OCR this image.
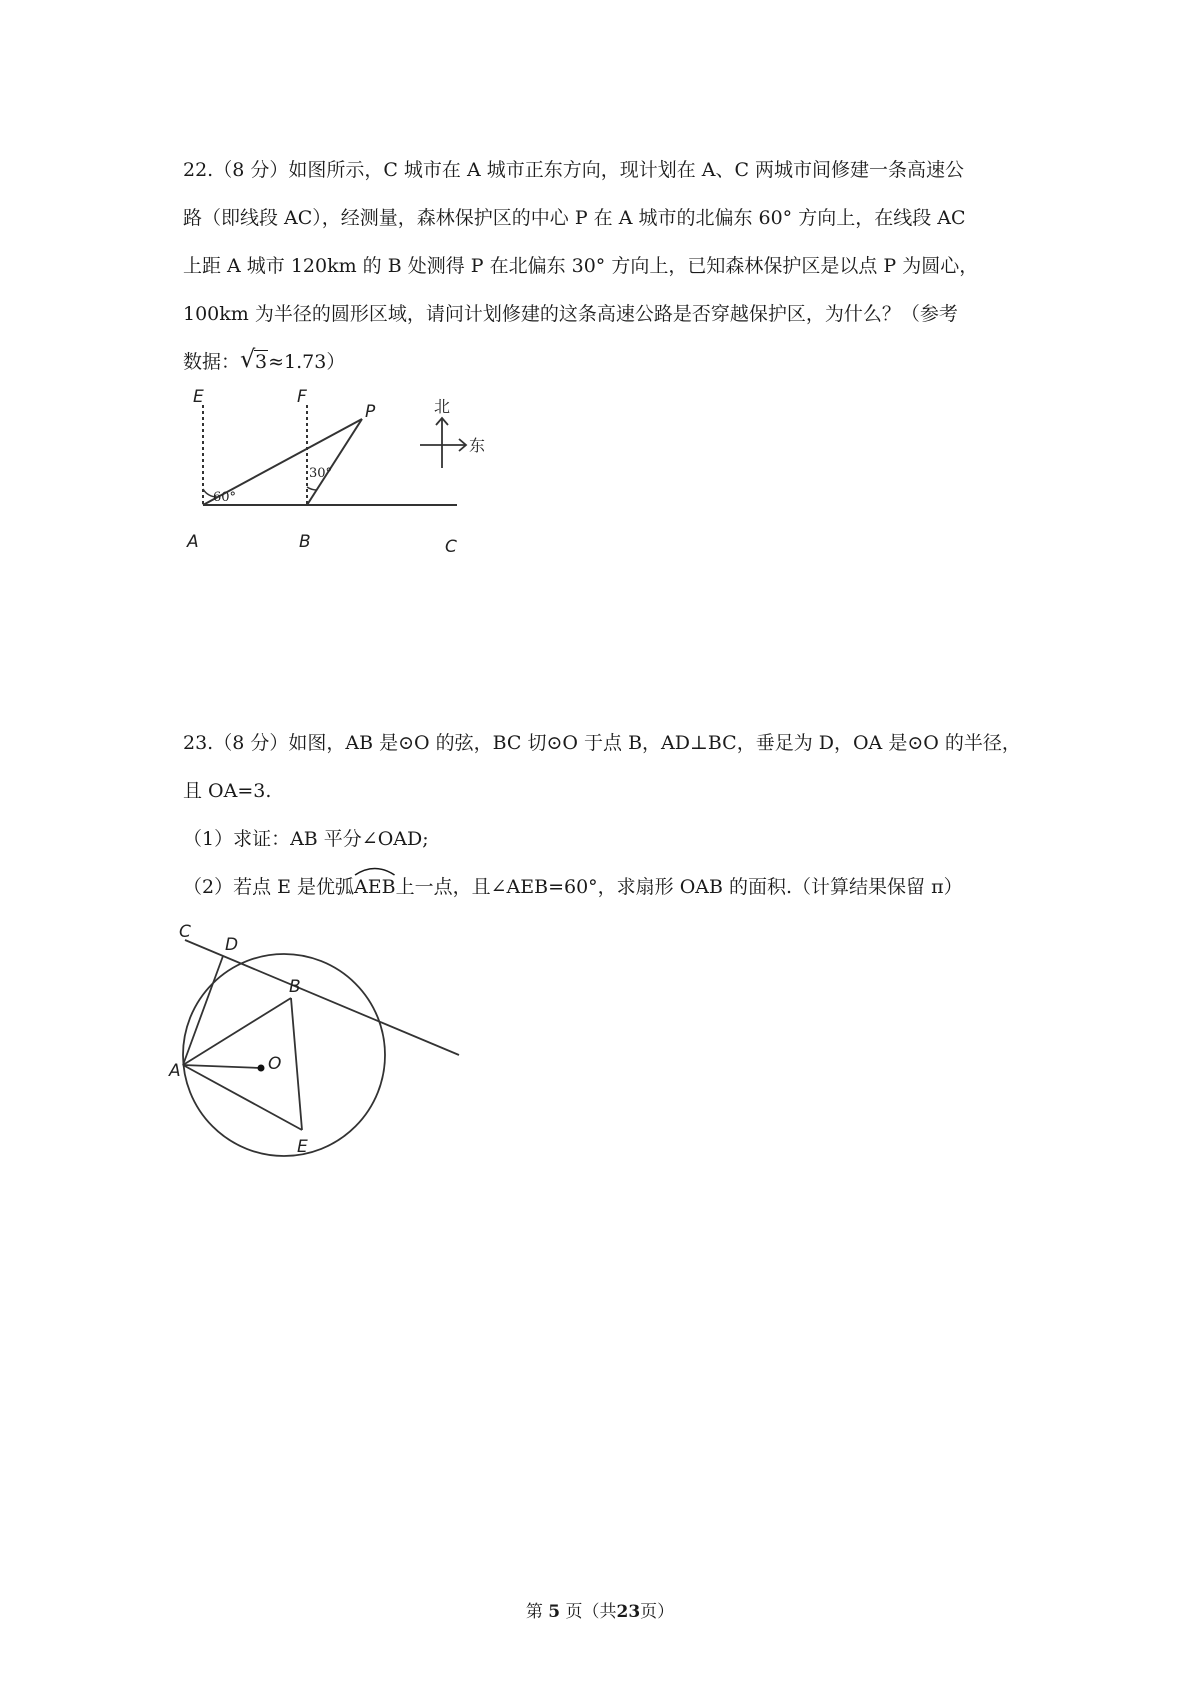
22.（8 分）如图所示，C 城市在 A 城市正东方向，现计划在 A、C 两城市间修建一条高速公
路（即线段 AC），经测量，森林保护区的中心 P 在 A 城市的北偏东 60° 方向上，在线段 AC
上距 A 城市 120km 的 B 处测得 P 在北偏东 30° 方向上，已知森林保护区是以点 P 为圆心，
100km 为半径的圆形区域，请问计划修建的这条高速公路是否穿越保护区，为什么？（参考
数据： √ 3≈1.73）
E	F
P
A	B	C
60°
30°
北
东
23.（8 分）如图，AB 是⊙O 的弦，BC 切⊙O 于点 B，AD⊥BC，垂足为 D，OA 是⊙O 的半径，
且 OA=3.
（1）求证：AB 平分∠OAD;
（2）若点 E 是优弧
AEB上一点，且∠AEB=60°，求扇形 OAB 的面积.（计算结果保留 π）
C
D
B
A	O
E
第 5 页（共23页）
